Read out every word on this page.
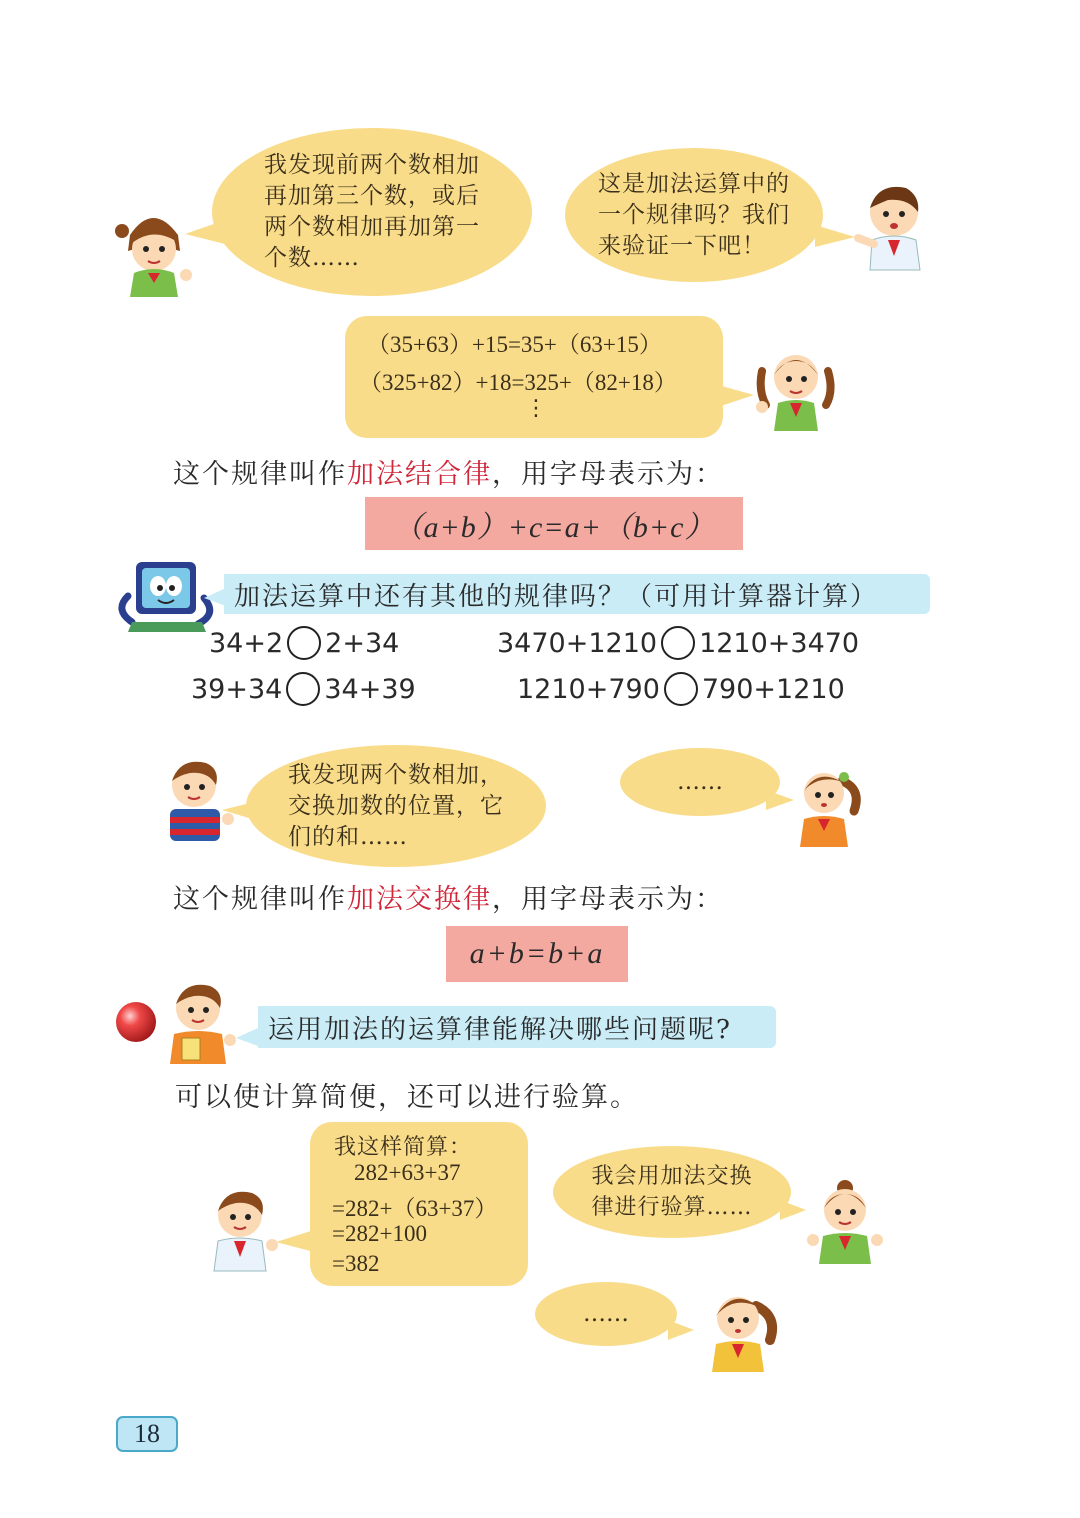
我发现前两个数相加
再加第三个数，或后
两个数相加再加第一
个数……
这是加法运算中的
一个规律吗？我们
来验证一下吧！
（35+63）+15=35+（63+15）
（325+82）+18=325+（82+18）
⋮
这个规律叫作加法结合律，用字母表示为：
（a+b）+c=a+（b+c）
加法运算中还有其他的规律吗？（可用计算器计算）
34+2 2+34	3470+1210 1210+3470
39+34 34+39	1210+790 790+1210
我发现两个数相加，
交换加数的位置，它
们的和……
……
这个规律叫作加法交换律，用字母表示为：
a+b=b+a
运用加法的运算律能解决哪些问题呢?
可以使计算简便，还可以进行验算。
我这样简算：
282+63+37
=282+（63+37）
=282+100
=382
我会用加法交换
律进行验算……
……
18
